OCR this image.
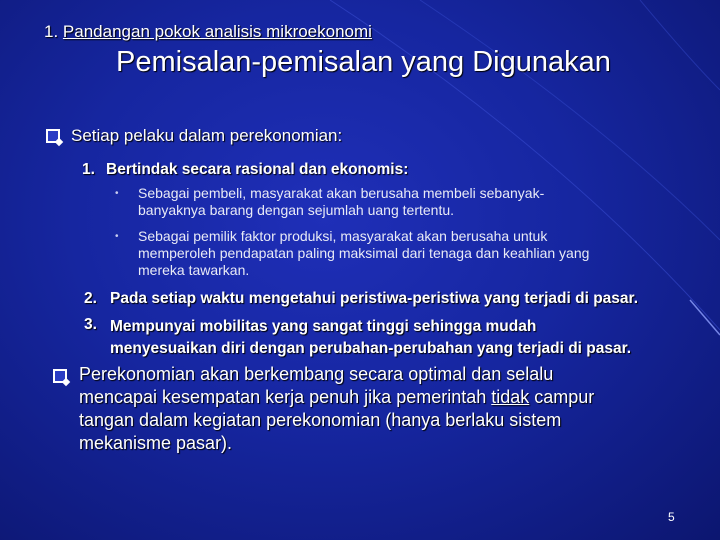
1. Pandangan pokok analisis mikroekonomi
Pemisalan-pemisalan yang Digunakan
Setiap pelaku dalam perekonomian:
1. Bertindak secara rasional dan ekonomis:
• Sebagai pembeli, masyarakat akan berusaha membeli sebanyak-
banyaknya barang dengan sejumlah uang tertentu.
• Sebagai pemilik faktor produksi, masyarakat akan berusaha untuk
memperoleh pendapatan paling maksimal dari tenaga dan keahlian yang
mereka tawarkan.
2. Pada setiap waktu mengetahui peristiwa-peristiwa yang terjadi di pasar.
3. Mempunyai mobilitas yang sangat tinggi sehingga mudah
menyesuaikan diri dengan perubahan-perubahan yang terjadi di pasar.
Perekonomian akan berkembang secara optimal dan selalu
mencapai kesempatan kerja penuh jika pemerintah tidak campur
tangan dalam kegiatan perekonomian (hanya berlaku sistem
mekanisme pasar).
5
